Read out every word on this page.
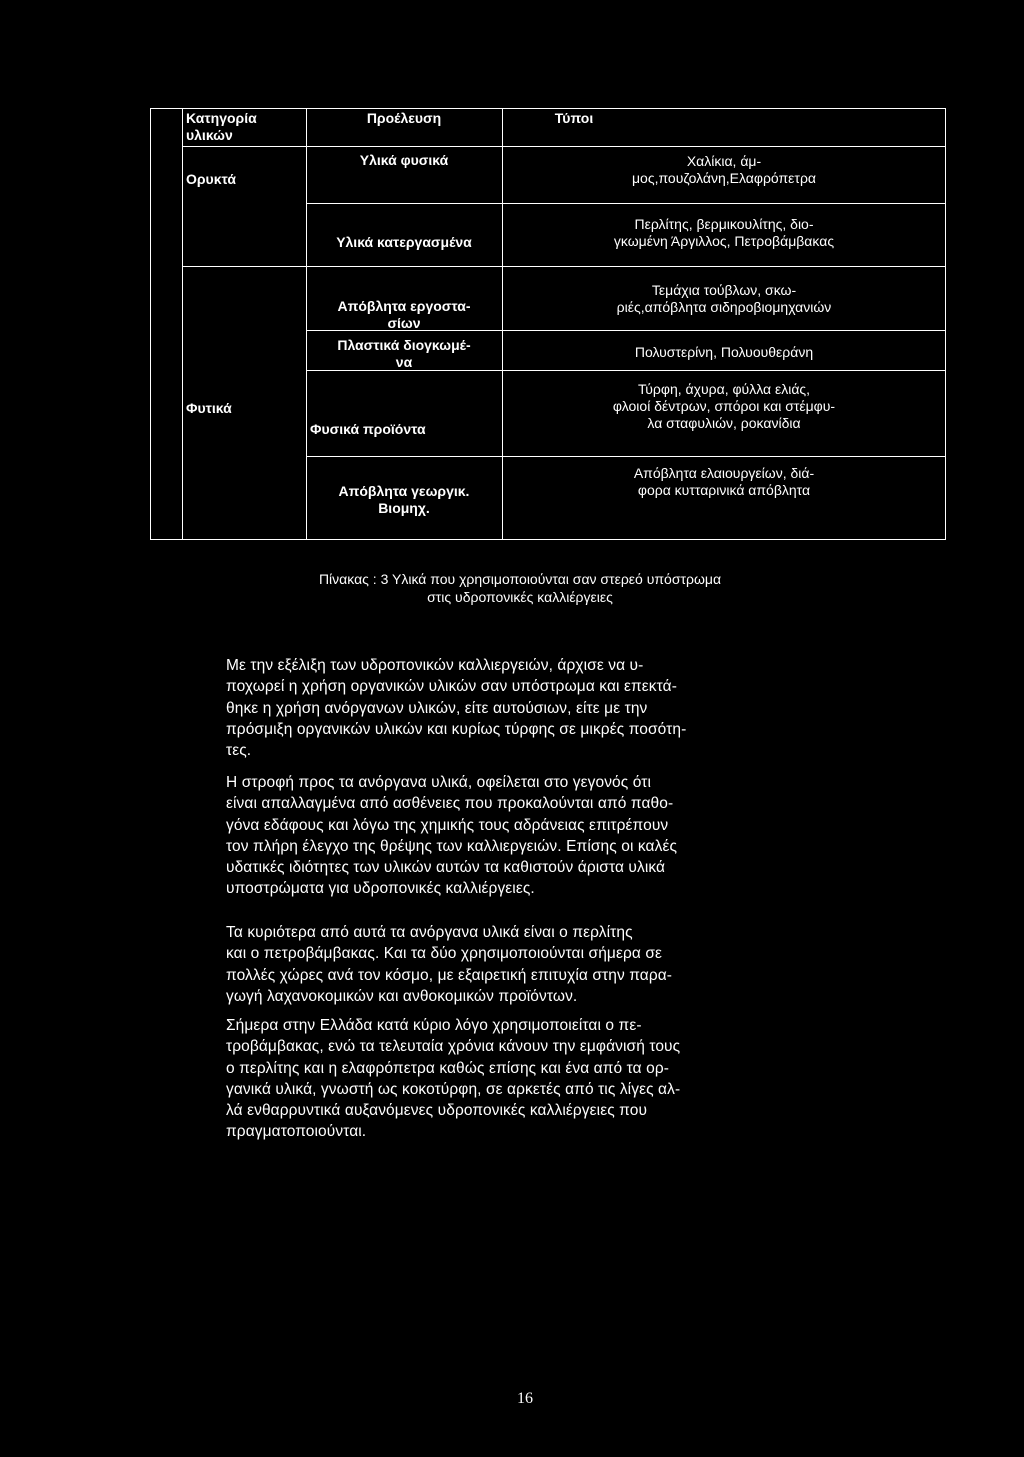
Κατηγορία
υλικών
Προέλευση	Τύποι
Ορυκτά
Υλικά φυσικά	Χαλίκια, άμ-
μος,πουζολάνη,Ελαφρόπετρα
Υλικά κατεργασμένα
Περλίτης, βερμικουλίτης, διο-
γκωμένη Άργιλλος, Πετροβάμβακας
Απόβλητα εργοστα-
σίων
Τεμάχια τούβλων, σκω-
ριές,απόβλητα σιδηροβιομηχανιών
Πλαστικά διογκωμέ-
να
Πολυστερίνη, Πολυουθεράνη
Φυτικά
Φυσικά προϊόντα
Τύρφη, άχυρα, φύλλα ελιάς,
φλοιοί δέντρων, σπόροι και στέμφυ-
λα σταφυλιών, ροκανίδια
Απόβλητα γεωργικ.
Βιομηχ.
Απόβλητα ελαιουργείων, διά-
φορα κυτταρινικά απόβλητα
Πίνακας : 3 Υλικά που χρησιμοποιούνται σαν στερεό υπόστρωμα
στις υδροπονικές καλλιέργειες
Με την εξέλιξη των υδροπονικών καλλιεργειών, άρχισε να υ-
ποχωρεί η χρήση οργανικών υλικών σαν υπόστρωμα και επεκτά-
θηκε η χρήση ανόργανων υλικών, είτε αυτούσιων, είτε με την
πρόσμιξη οργανικών υλικών και κυρίως τύρφης σε μικρές ποσότη-
τες.
Η στροφή προς τα ανόργανα υλικά, οφείλεται στο γεγονός ότι
είναι απαλλαγμένα από ασθένειες που προκαλούνται από παθο-
γόνα εδάφους και λόγω της χημικής τους αδράνειας επιτρέπουν
τον πλήρη έλεγχο της θρέψης των καλλιεργειών. Επίσης οι καλές
υδατικές ιδιότητες των υλικών αυτών τα καθιστούν άριστα υλικά
υποστρώματα για υδροπονικές καλλιέργειες.
Τα κυριότερα από αυτά τα ανόργανα υλικά είναι ο περλίτης
και ο πετροβάμβακας. Και τα δύο χρησιμοποιούνται σήμερα σε
πολλές χώρες ανά τον κόσμο, με εξαιρετική επιτυχία στην παρα-
γωγή λαχανοκομικών και ανθοκομικών προϊόντων.
Σήμερα στην Ελλάδα κατά κύριο λόγο χρησιμοποιείται ο πε-
τροβάμβακας, ενώ τα τελευταία χρόνια κάνουν την εμφάνισή τους
ο περλίτης και η ελαφρόπετρα καθώς επίσης και ένα από τα ορ-
γανικά υλικά, γνωστή ως κοκοτύρφη, σε αρκετές από τις λίγες αλ-
λά ενθαρρυντικά αυξανόμενες υδροπονικές καλλιέργειες που
πραγματοποιούνται.
16
